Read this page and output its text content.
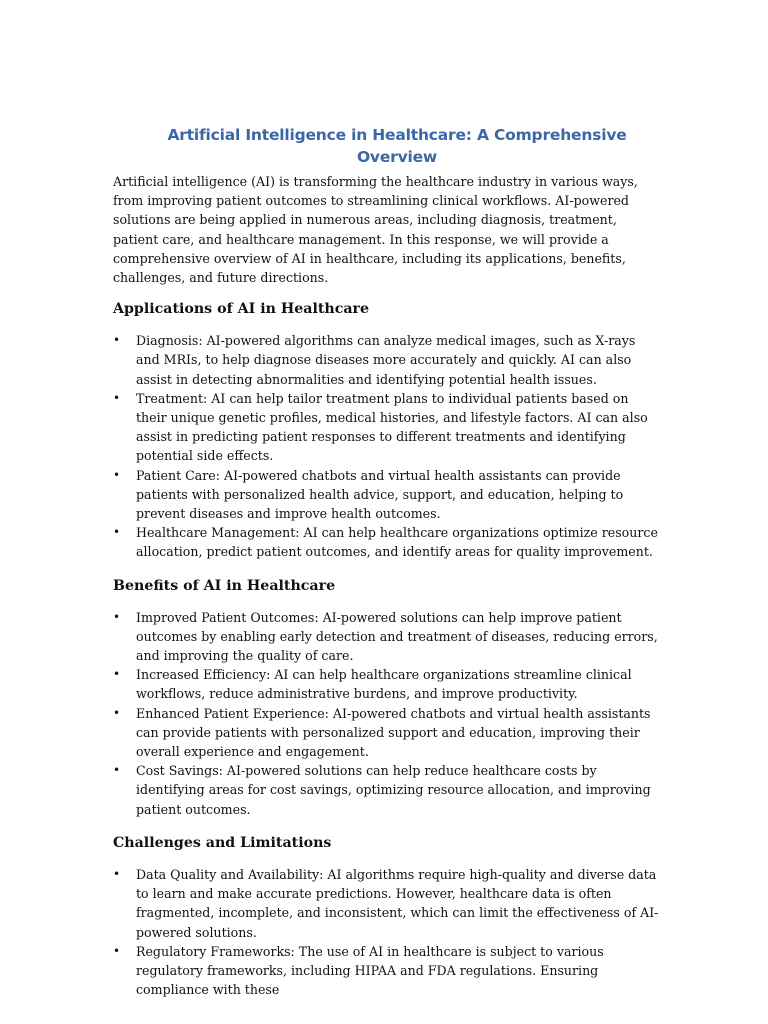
Artificial Intelligence in Healthcare: A Comprehensive Overview

Artificial intelligence (AI) is transforming the healthcare industry in various ways, from improving patient outcomes to streamlining clinical workflows. AI-powered solutions are being applied in numerous areas, including diagnosis, treatment, patient care, and healthcare management. In this response, we will provide a comprehensive overview of AI in healthcare, including its applications, benefits, challenges, and future directions.

Applications of AI in Healthcare
• Diagnosis: AI-powered algorithms can analyze medical images, such as X-rays and MRIs, to help diagnose diseases more accurately and quickly. AI can also assist in detecting abnormalities and identifying potential health issues.
• Treatment: AI can help tailor treatment plans to individual patients based on their unique genetic profiles, medical histories, and lifestyle factors. AI can also assist in predicting patient responses to different treatments and identifying potential side effects.
• Patient Care: AI-powered chatbots and virtual health assistants can provide patients with personalized health advice, support, and education, helping to prevent diseases and improve health outcomes.
• Healthcare Management: AI can help healthcare organizations optimize resource allocation, predict patient outcomes, and identify areas for quality improvement.
Benefits of AI in Healthcare
• Improved Patient Outcomes: AI-powered solutions can help improve patient outcomes by enabling early detection and treatment of diseases, reducing errors, and improving the quality of care.
• Increased Efficiency: AI can help healthcare organizations streamline clinical workflows, reduce administrative burdens, and improve productivity.
• Enhanced Patient Experience: AI-powered chatbots and virtual health assistants can provide patients with personalized support and education, improving their overall experience and engagement.
• Cost Savings: AI-powered solutions can help reduce healthcare costs by identifying areas for cost savings, optimizing resource allocation, and improving patient outcomes.
Challenges and Limitations
• Data Quality and Availability: AI algorithms require high-quality and diverse data to learn and make accurate predictions. However, healthcare data is often fragmented, incomplete, and inconsistent, which can limit the effectiveness of AI-powered solutions.
• Regulatory Frameworks: The use of AI in healthcare is subject to various regulatory frameworks, including HIPAA and FDA regulations. Ensuring compliance with these
